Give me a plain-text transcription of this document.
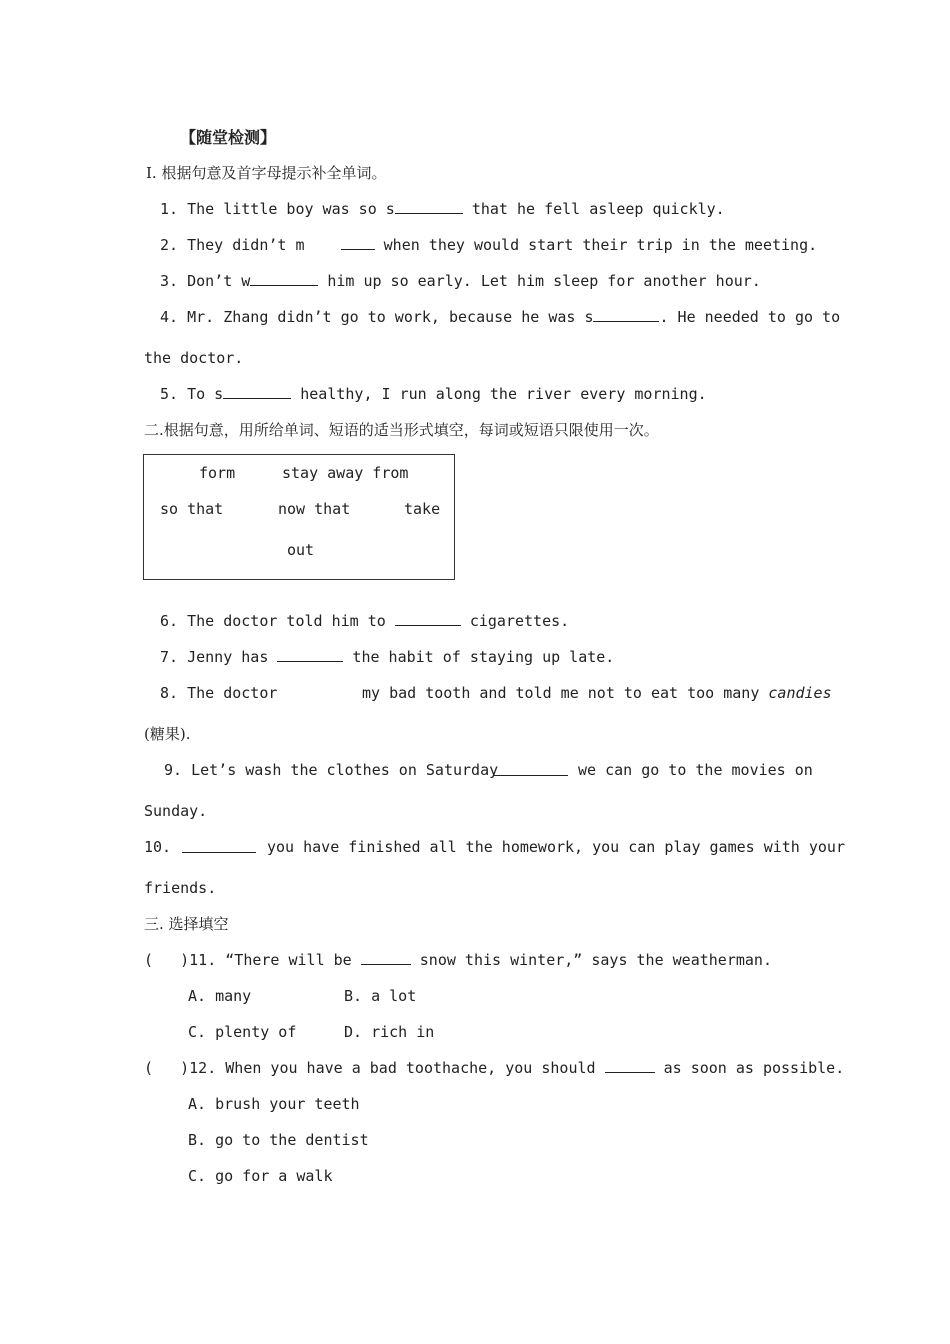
【随堂检测】
Ⅰ. 根据句意及首字母提示补全单词。
1. The little boy was so s	that he fell asleep quickly.
2. They didn’t m	when they would start their trip in the meeting.
3. Don’t w	him up so early. Let him sleep for another hour.
4. Mr. Zhang didn’t go to work, because he was s	. He needed to go to
the doctor.
5. To s	healthy, I run along the river every morning.
二.根据句意，用所给单词、短语的适当形式填空，每词或短语只限使用一次。
form	stay away from
so that	now that	take
out
6. The doctor told him to	cigarettes.
7. Jenny has	the habit of staying up late.
8. The doctor	my bad tooth and told me not to eat too many candies
(糖果).
9. Let’s wash the clothes on Saturday	we can go to the movies on
Sunday.
10.	you have finished all the homework, you can play games with your
friends.
三. 选择填空
(   )11. “There will be	snow this winter,” says the weatherman.
A. many	B. a lot
C. plenty of	D. rich in
(   )12. When you have a bad toothache, you should	as soon as possible.
A. brush your teeth
B. go to the dentist
C. go for a walk
